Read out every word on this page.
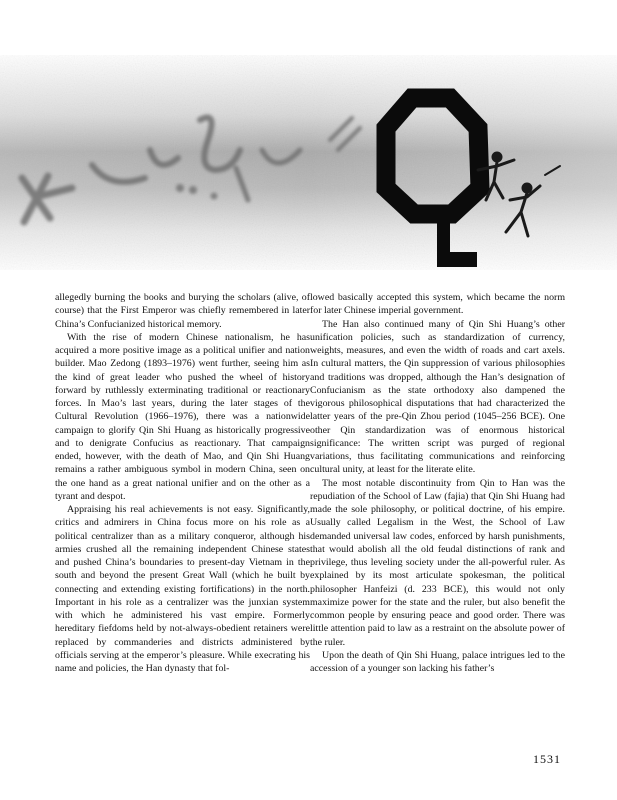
allegedly burning the books and burying the scholars (alive, of course) that the First Emperor was chiefly remembered in later China’s Confucianized historical memory.

With the rise of modern Chinese nationalism, he has acquired a more positive image as a political unifier and nation builder. Mao Zedong (1893–1976) went further, seeing him as the kind of great leader who pushed the wheel of history forward by ruthlessly exterminating traditional or reactionary forces. In Mao’s last years, during the later stages of the Cultural Revolution (1966–1976), there was a nationwide campaign to glorify Qin Shi Huang as historically progressive and to denigrate Confucius as reactionary. That campaign ended, however, with the death of Mao, and Qin Shi Huang remains a rather ambiguous symbol in modern China, seen on the one hand as a great national unifier and on the other as a tyrant and despot.

Appraising his real achievements is not easy. Significantly, critics and admirers in China focus more on his role as a political centralizer than as a military conqueror, although his armies crushed all the remaining independent Chinese states and pushed China’s boundaries to present-day Vietnam in the south and beyond the present Great Wall (which he built by connecting and extending existing fortifications) in the north. Important in his role as a centralizer was the junxian system with which he administered his vast empire. Formerly hereditary fiefdoms held by not-always-obedient retainers were replaced by commanderies and districts administered by officials serving at the emperor’s pleasure. While execrating his name and policies, the Han dynasty that fol-

lowed basically accepted this system, which became the norm for later Chinese imperial government.

The Han also continued many of Qin Shi Huang’s other unification policies, such as standardization of currency, weights, measures, and even the width of roads and cart axels. In cultural matters, the Qin suppression of various philosophies and traditions was dropped, although the Han’s designation of Confucianism as the state orthodoxy also dampened the vigorous philosophical disputations that had characterized the latter years of the pre-Qin Zhou period (1045–256 BCE). One other Qin standardization was of enormous historical significance: The written script was purged of regional variations, thus facilitating communications and reinforcing cultural unity, at least for the literate elite.

The most notable discontinuity from Qin to Han was the repudiation of the School of Law (fajia) that Qin Shi Huang had made the sole philosophy, or political doctrine, of his empire. Usually called Legalism in the West, the School of Law demanded universal law codes, enforced by harsh punishments, that would abolish all the old feudal distinctions of rank and privilege, thus leveling society under the all-powerful ruler. As explained by its most articulate spokesman, the political philosopher Hanfeizi (d. 233 BCE), this would not only maximize power for the state and the ruler, but also benefit the common people by ensuring peace and good order. There was little attention paid to law as a restraint on the absolute power of the ruler.

Upon the death of Qin Shi Huang, palace intrigues led to the accession of a younger son lacking his father’s

1531
